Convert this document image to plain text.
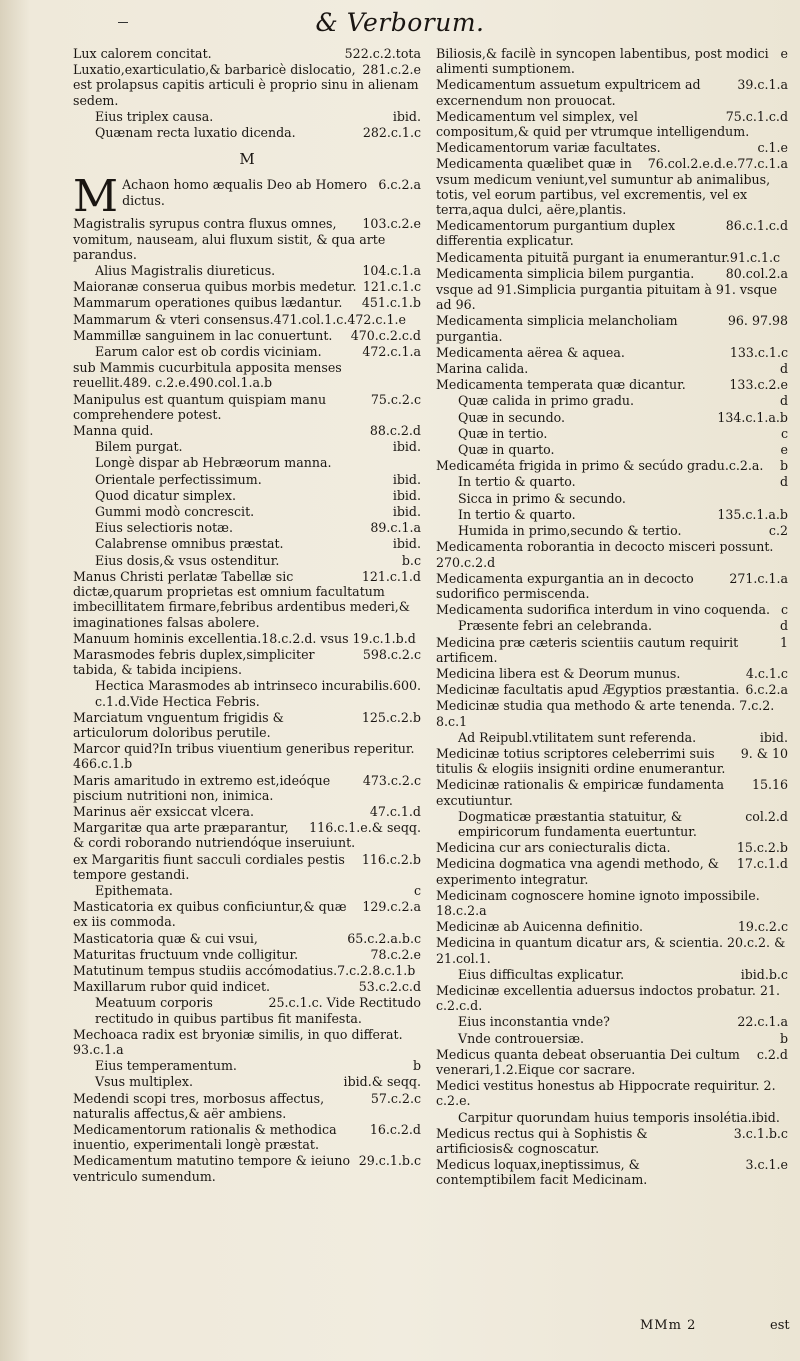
& Verborum.
522.c.2.tota
Lux calorem concitat.
281.c.2.e
Luxatio,exarticulatio,& barbaricè dislocatio, est prolapsus capitis articuli è proprio sinu in alienam sedem.
ibid.
Eius triplex causa.
282.c.1.c
Quænam recta luxatio dicenda.
M
M	6.c.2.a
Achaon homo æqualis Deo ab Homero dictus.
103.c.2.e
Magistralis syrupus contra fluxus omnes, vomitum, nauseam, alui fluxum sistit, & qua arte parandus.
104.c.1.a
Alius Magistralis diureticus.
121.c.1.c
Maioranæ conserua quibus morbis medetur.
451.c.1.b
Mammarum operationes quibus lædantur.
Mammarum & vteri consensus.471.col.1.c.472.c.1.e
470.c.2.c.d
Mammillæ sanguinem in lac conuertunt.
472.c.1.a
Earum calor est ob cordis viciniam.
sub Mammis cucurbitula apposita menses reuellit.489. c.2.e.490.col.1.a.b
75.c.2.c
Manipulus est quantum quispiam manu comprehendere potest.
88.c.2.d
Manna quid.
ibid.
Bilem purgat.
Longè dispar ab Hebræorum manna.
ibid.
Orientale perfectissimum.
ibid.
Quod dicatur simplex.
ibid.
Gummi modò concrescit.
89.c.1.a
Eius selectioris notæ.
ibid.
Calabrense omnibus præstat.
b.c
Eius dosis,& vsus ostenditur.
121.c.1.d
Manus Christi perlatæ Tabellæ sic dictæ,quarum proprietas est omnium facultatum imbecillitatem firmare,febribus ardentibus mederi,& imaginationes falsas abolere.
Manuum hominis excellentia.18.c.2.d. vsus 19.c.1.b.d
598.c.2.c
Marasmodes febris duplex,simpliciter tabida, & tabida incipiens.
Hectica Marasmodes ab intrinseco incurabilis.600. c.1.d.Vide Hectica Febris.
125.c.2.b
Marciatum vnguentum frigidis & articulorum doloribus perutile.
Marcor quid?In tribus viuentium generibus reperitur. 466.c.1.b
473.c.2.c
Maris amaritudo in extremo est,ideóque piscium nutritioni non, inimica.
47.c.1.d
Marinus aër exsiccat vlcera.
116.c.1.e.& seqq.
Margaritæ qua arte præparantur, & cordi roborando nutriendóque inseruiunt.
116.c.2.b
ex Margaritis fiunt sacculi cordiales pestis tempore gestandi.
c
Epithemata.
129.c.2.a
Masticatoria ex quibus conficiuntur,& quæ ex iis commoda.
65.c.2.a.b.c
Masticatoria quæ & cui vsui,
78.c.2.e
Maturitas fructuum vnde colligitur.
Matutinum tempus studiis accómodatius.7.c.2.8.c.1.b
53.c.2.c.d
Maxillarum rubor quid indicet.
25.c.1.c. Vide Rectitudo
Meatuum corporis rectitudo in quibus partibus fit manifesta.
Mechoaca radix est bryoniæ similis, in quo differat. 93.c.1.a
b
Eius temperamentum.
ibid.& seqq.
Vsus multiplex.
57.c.2.c
Medendi scopi tres, morbosus affectus, naturalis affectus,& aër ambiens.
16.c.2.d
Medicamentorum rationalis & methodica inuentio, experimentali longè præstat.
29.c.1.b.c
Medicamentum matutino tempore & ieiuno ventriculo sumendum.
e
Biliosis,& facilè in syncopen labentibus, post modici alimenti sumptionem.
39.c.1.a
Medicamentum assuetum expultricem ad excernendum non prouocat.
75.c.1.c.d
Medicamentum vel simplex, vel compositum,& quid per vtrumque intelligendum.
c.1.e
Medicamentorum variæ facultates.
76.col.2.e.d.e.77.c.1.a
Medicamenta quælibet quæ in vsum medicum veniunt,vel sumuntur ab animalibus, totis, vel eorum partibus, vel excrementis, vel ex terra,aqua dulci, aëre,plantis.
86.c.1.c.d
Medicamentorum purgantium duplex differentia explicatur.
Medicamenta pituitã purgant ia enumerantur.91.c.1.c
80.col.2.a
Medicamenta simplicia bilem purgantia.
vsque ad 91.Simplicia purgantia pituitam à 91. vsque ad 96.
96. 97.98
Medicamenta simplicia melancholiam purgantia.
133.c.1.c
Medicamenta aërea & aquea.
d
Marina calida.
133.c.2.e
Medicamenta temperata quæ dicantur.
d
Quæ calida in primo gradu.
134.c.1.a.b
Quæ in secundo.
c
Quæ in tertio.
e
Quæ in quarto.
b
Medicaméta frigida in primo & secúdo gradu.c.2.a.
d
In tertio & quarto.
Sicca in primo & secundo.
135.c.1.a.b
In tertio & quarto.
c.2
Humida in primo,secundo & tertio.
Medicamenta roborantia in decocto misceri possunt. 270.c.2.d
271.c.1.a
Medicamenta expurgantia an in decocto sudorifico permiscenda.
c
Medicamenta sudorifica interdum in vino coquenda.
d
Præsente febri an celebranda.
1
Medicina præ cæteris scientiis cautum requirit artificem.
4.c.1.c
Medicina libera est & Deorum munus.
6.c.2.a
Medicinæ facultatis apud Ægyptios præstantia.
Medicinæ studia qua methodo & arte tenenda. 7.c.2. 8.c.1
ibid.
Ad Reipubl.vtilitatem sunt referenda.
9. & 10
Medicinæ totius scriptores celeberrimi suis titulis & elogiis insigniti ordine enumerantur.
15.16
Medicinæ rationalis & empiricæ fundamenta excutiuntur.
col.2.d
Dogmaticæ præstantia statuitur, & empiricorum fundamenta euertuntur.
15.c.2.b
Medicina cur ars coniecturalis dicta.
17.c.1.d
Medicina dogmatica vna agendi methodo, & experimento integratur.
Medicinam cognoscere homine ignoto impossibile. 18.c.2.a
19.c.2.c
Medicinæ ab Auicenna definitio.
Medicina in quantum dicatur ars, & scientia. 20.c.2. & 21.col.1.
ibid.b.c
Eius difficultas explicatur.
Medicinæ excellentia aduersus indoctos probatur. 21. c.2.c.d.
22.c.1.a
Eius inconstantia vnde?
b
Vnde controuersiæ.
c.2.d
Medicus quanta debeat obseruantia Dei cultum venerari,1.2.Eique cor sacrare.
Medici vestitus honestus ab Hippocrate requiritur. 2. c.2.e.
Carpitur quorundam huius temporis insolétia.ibid.
3.c.1.b.c
Medicus rectus qui à Sophistis & artificiosis& cognoscatur.
3.c.1.e
Medicus loquax,ineptissimus, & contemptibilem facit Medicinam.
MMm 2	est
